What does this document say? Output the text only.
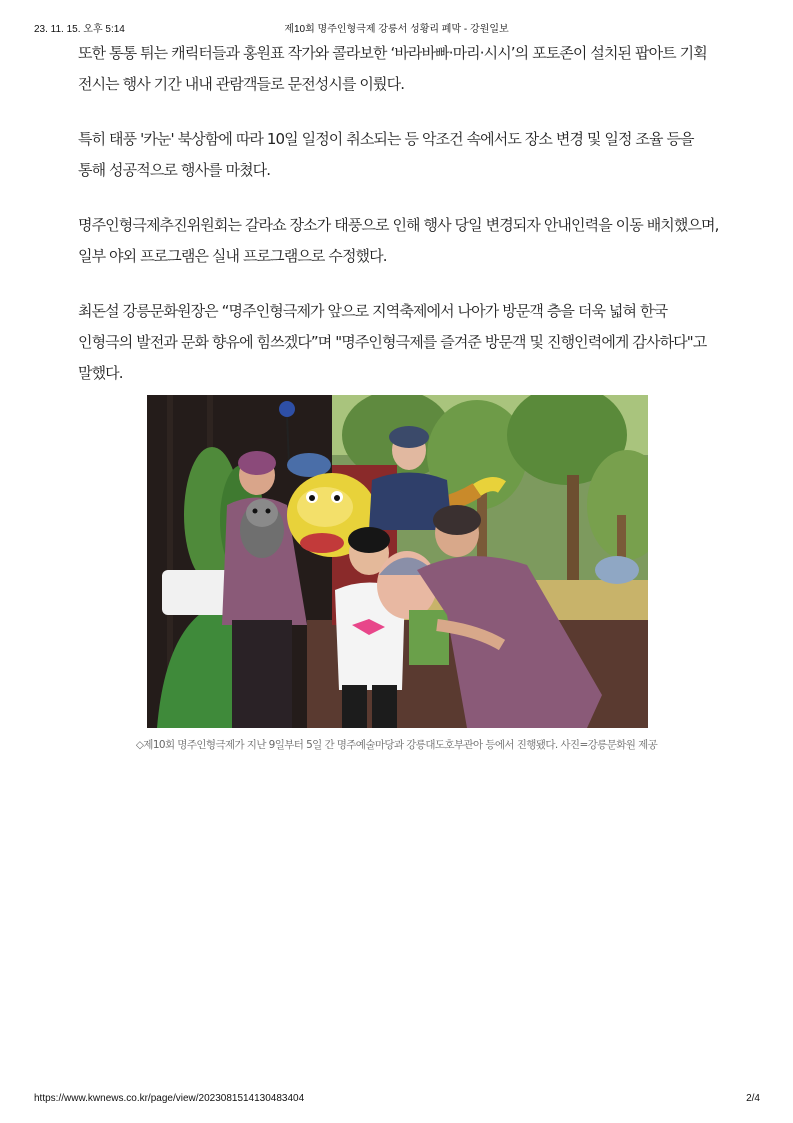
23. 11. 15. 오후 5:14	제10회 명주인형극제 강릉서 성황리 폐막 - 강원일보

또한 통통 튀는 캐릭터들과 홍원표 작가와 콜라보한 ‘바라바빠·마리·시시’의 포토존이 설치된 팝아트 기획 전시는 행사 기간 내내 관람객들로 문전성시를 이뤘다.

특히 태풍 '카눈' 북상함에 따라 10일 일정이 취소되는 등 악조건 속에서도 장소 변경 및 일정 조율 등을 통해 성공적으로 행사를 마쳤다.

명주인형극제추진위원회는 갈라쇼 장소가 태풍으로 인해 행사 당일 변경되자 안내인력을 이동 배치했으며, 일부 야외 프로그램은 실내 프로그램으로 수정했다.

최돈설 강릉문화원장은 “명주인형극제가 앞으로 지역축제에서 나아가 방문객 층을 더욱 넓혀 한국 인형극의 발전과 문화 향유에 힘쓰겠다”며 "명주인형극제를 즐겨준 방문객 및 진행인력에게 감사하다"고 말했다.

◇제10회 명주인형극제가 지난 9일부터 5일 간 명주예술마당과 강릉대도호부관아 등에서 진행됐다. 사진=강릉문화원 제공
https://www.kwnews.co.kr/page/view/2023081514130483404	2/4
